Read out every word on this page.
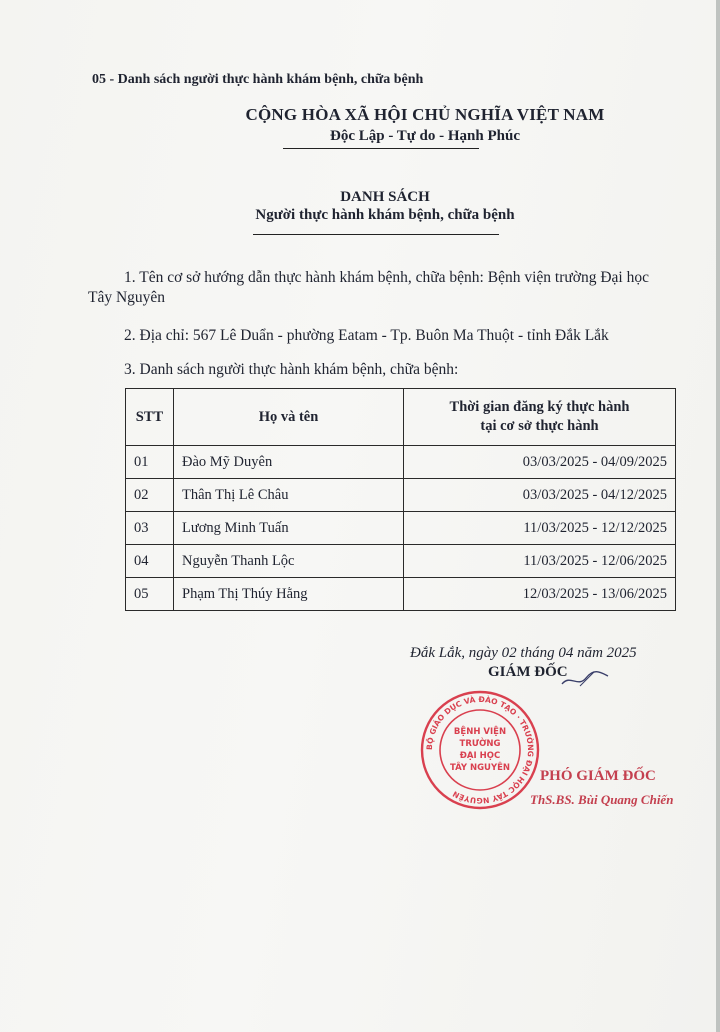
05 - Danh sách người thực hành khám bệnh, chữa bệnh
CỘNG HÒA XÃ HỘI CHỦ NGHĨA VIỆT NAM
Độc Lập - Tự do - Hạnh Phúc
DANH SÁCH
Người thực hành khám bệnh, chữa bệnh
1. Tên cơ sở hướng dẫn thực hành khám bệnh, chữa bệnh: Bệnh viện trường Đại học Tây Nguyên
2. Địa chỉ: 567 Lê Duẩn - phường Eatam - Tp. Buôn Ma Thuột - tỉnh Đắk Lắk
3. Danh sách người thực hành khám bệnh, chữa bệnh:
STT	Họ và tên	Thời gian đăng ký thực hành
tại cơ sở thực hành

01	Đào Mỹ Duyên	03/03/2025 - 04/09/2025
02	Thân Thị Lê Châu	03/03/2025 - 04/12/2025
03	Lương Minh Tuấn	11/03/2025 - 12/12/2025
04	Nguyễn Thanh Lộc	11/03/2025 - 12/06/2025
05	Phạm Thị Thúy Hằng	12/03/2025 - 13/06/2025
Đắk Lắk, ngày 02 tháng 04 năm 2025
GIÁM ĐỐC
BỘ GIÁO DỤC VÀ ĐÀO TẠO · TRƯỜNG ĐẠI HỌC TÂY NGUYÊN
BỆNH VIỆN
TRƯỜNG
ĐẠI HỌC
TÂY NGUYÊN PHÓ GIÁM ĐỐC
ThS.BS. Bùi Quang Chiến
